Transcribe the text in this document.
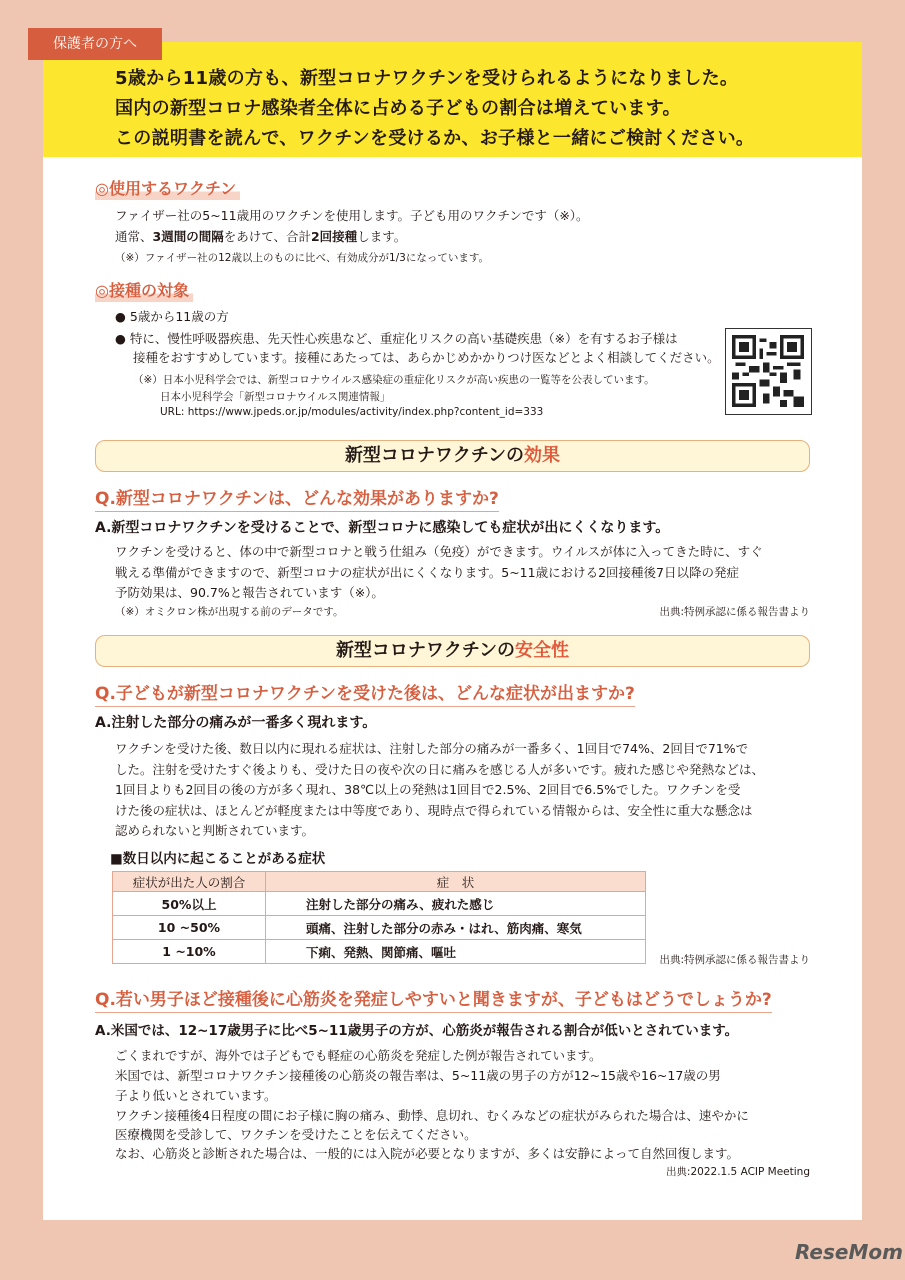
保護者の方へ
5歳から11歳の方も、新型コロナワクチンを受けられるようになりました。
国内の新型コロナ感染者全体に占める子どもの割合は増えています。
この説明書を読んで、ワクチンを受けるか、お子様と一緒にご検討ください。
◎使用するワクチン
ファイザー社の5~11歳用のワクチンを使用します。子ども用のワクチンです（※）。
通常、3週間の間隔をあけて、合計2回接種します。
（※）ファイザー社の12歳以上のものに比べ、有効成分が1/3になっています。
◎接種の対象
● 5歳から11歳の方
● 特に、慢性呼吸器疾患、先天性心疾患など、重症化リスクの高い基礎疾患（※）を有するお子様は
接種をおすすめしています。接種にあたっては、あらかじめかかりつけ医などとよく相談してください。
（※）日本小児科学会では、新型コロナウイルス感染症の重症化リスクが高い疾患の一覧等を公表しています。
日本小児科学会「新型コロナウイルス関連情報」
URL: https://www.jpeds.or.jp/modules/activity/index.php?content_id=333
新型コロナワクチンの効果
Q.新型コロナワクチンは、どんな効果がありますか?
A.新型コロナワクチンを受けることで、新型コロナに感染しても症状が出にくくなります。
ワクチンを受けると、体の中で新型コロナと戦う仕組み（免疫）ができます。ウイルスが体に入ってきた時に、すぐ
戦える準備ができますので、新型コロナの症状が出にくくなります。5~11歳における2回接種後7日以降の発症
予防効果は、90.7%と報告されています（※）。
（※）オミクロン株が出現する前のデータです。	出典:特例承認に係る報告書より
新型コロナワクチンの安全性
Q.子どもが新型コロナワクチンを受けた後は、どんな症状が出ますか?
A.注射した部分の痛みが一番多く現れます。
ワクチンを受けた後、数日以内に現れる症状は、注射した部分の痛みが一番多く、1回目で74%、2回目で71%で
した。注射を受けたすぐ後よりも、受けた日の夜や次の日に痛みを感じる人が多いです。疲れた感じや発熱などは、
1回目よりも2回目の後の方が多く現れ、38℃以上の発熱は1回目で2.5%、2回目で6.5%でした。ワクチンを受
けた後の症状は、ほとんどが軽度または中等度であり、現時点で得られている情報からは、安全性に重大な懸念は
認められないと判断されています。
■数日以内に起こることがある症状
症状が出た人の割合	症　状
50%以上	注射した部分の痛み、疲れた感じ
10 ~50%	頭痛、注射した部分の赤み・はれ、筋肉痛、寒気
1 ~10%	下痢、発熱、関節痛、嘔吐
出典:特例承認に係る報告書より
Q.若い男子ほど接種後に心筋炎を発症しやすいと聞きますが、子どもはどうでしょうか?
A.米国では、12~17歳男子に比べ5~11歳男子の方が、心筋炎が報告される割合が低いとされています。
ごくまれですが、海外では子どもでも軽症の心筋炎を発症した例が報告されています。
米国では、新型コロナワクチン接種後の心筋炎の報告率は、5~11歳の男子の方が12~15歳や16~17歳の男
子より低いとされています。
ワクチン接種後4日程度の間にお子様に胸の痛み、動悸、息切れ、むくみなどの症状がみられた場合は、速やかに
医療機関を受診して、ワクチンを受けたことを伝えてください。
なお、心筋炎と診断された場合は、一般的には入院が必要となりますが、多くは安静によって自然回復します。
出典:2022.1.5 ACIP Meeting
ReseMom
